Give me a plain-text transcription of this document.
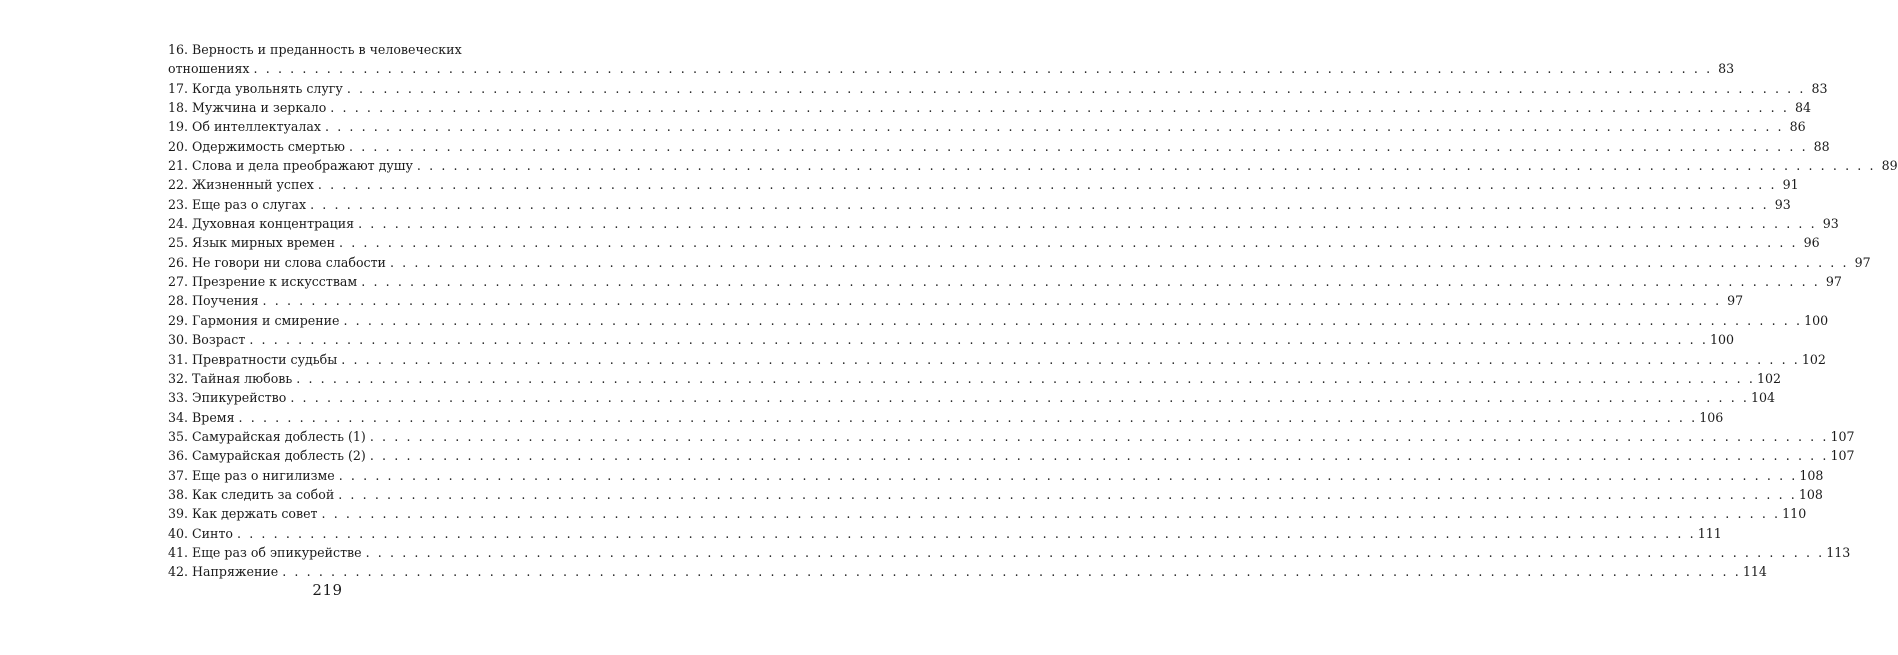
16. Верность и преданность в человеческих
отношениях . . . . . . . . . . . . . . . . . . . . . . . . . . . . . . . . . . . . . . . . . . . . . . . . . . . . . . . . . . . . . . . . . . . . . . . . . . . . . . . . . . . . . . . . . . . . . . . . . . . . . . . . . . . . . . . . . . . . . . . . 83
17. Когда увольнять слугу . . . . . . . . . . . . . . . . . . . . . . . . . . . . . . . . . . . . . . . . . . . . . . . . . . . . . . . . . . . . . . . . . . . . . . . . . . . . . . . . . . . . . . . . . . . . . . . . . . . . . . . . . . . . . . . . . . . . . . . . 83
18. Мужчина и зеркало . . . . . . . . . . . . . . . . . . . . . . . . . . . . . . . . . . . . . . . . . . . . . . . . . . . . . . . . . . . . . . . . . . . . . . . . . . . . . . . . . . . . . . . . . . . . . . . . . . . . . . . . . . . . . . . . . . . . . . . . 84
19. Об интеллектуалах . . . . . . . . . . . . . . . . . . . . . . . . . . . . . . . . . . . . . . . . . . . . . . . . . . . . . . . . . . . . . . . . . . . . . . . . . . . . . . . . . . . . . . . . . . . . . . . . . . . . . . . . . . . . . . . . . . . . . . . . 86
20. Одержимость смертью . . . . . . . . . . . . . . . . . . . . . . . . . . . . . . . . . . . . . . . . . . . . . . . . . . . . . . . . . . . . . . . . . . . . . . . . . . . . . . . . . . . . . . . . . . . . . . . . . . . . . . . . . . . . . . . . . . . . . . . . 88
21. Слова и дела преображают душу . . . . . . . . . . . . . . . . . . . . . . . . . . . . . . . . . . . . . . . . . . . . . . . . . . . . . . . . . . . . . . . . . . . . . . . . . . . . . . . . . . . . . . . . . . . . . . . . . . . . . . . . . . . . . . . . . . . . . . . . 89
22. Жизненный успех . . . . . . . . . . . . . . . . . . . . . . . . . . . . . . . . . . . . . . . . . . . . . . . . . . . . . . . . . . . . . . . . . . . . . . . . . . . . . . . . . . . . . . . . . . . . . . . . . . . . . . . . . . . . . . . . . . . . . . . . 91
23. Еще раз о слугах . . . . . . . . . . . . . . . . . . . . . . . . . . . . . . . . . . . . . . . . . . . . . . . . . . . . . . . . . . . . . . . . . . . . . . . . . . . . . . . . . . . . . . . . . . . . . . . . . . . . . . . . . . . . . . . . . . . . . . . . 93
24. Духовная концентрация . . . . . . . . . . . . . . . . . . . . . . . . . . . . . . . . . . . . . . . . . . . . . . . . . . . . . . . . . . . . . . . . . . . . . . . . . . . . . . . . . . . . . . . . . . . . . . . . . . . . . . . . . . . . . . . . . . . . . . . . 93
25. Язык мирных времен . . . . . . . . . . . . . . . . . . . . . . . . . . . . . . . . . . . . . . . . . . . . . . . . . . . . . . . . . . . . . . . . . . . . . . . . . . . . . . . . . . . . . . . . . . . . . . . . . . . . . . . . . . . . . . . . . . . . . . . . 96
26. Не говори ни слова слабости . . . . . . . . . . . . . . . . . . . . . . . . . . . . . . . . . . . . . . . . . . . . . . . . . . . . . . . . . . . . . . . . . . . . . . . . . . . . . . . . . . . . . . . . . . . . . . . . . . . . . . . . . . . . . . . . . . . . . . . . 97
27. Презрение к искусствам . . . . . . . . . . . . . . . . . . . . . . . . . . . . . . . . . . . . . . . . . . . . . . . . . . . . . . . . . . . . . . . . . . . . . . . . . . . . . . . . . . . . . . . . . . . . . . . . . . . . . . . . . . . . . . . . . . . . . . . . 97
28. Поучения . . . . . . . . . . . . . . . . . . . . . . . . . . . . . . . . . . . . . . . . . . . . . . . . . . . . . . . . . . . . . . . . . . . . . . . . . . . . . . . . . . . . . . . . . . . . . . . . . . . . . . . . . . . . . . . . . . . . . . . . 97
29. Гармония и смирение . . . . . . . . . . . . . . . . . . . . . . . . . . . . . . . . . . . . . . . . . . . . . . . . . . . . . . . . . . . . . . . . . . . . . . . . . . . . . . . . . . . . . . . . . . . . . . . . . . . . . . . . . . . . . . . . . . . . . . . . 100
30. Возраст . . . . . . . . . . . . . . . . . . . . . . . . . . . . . . . . . . . . . . . . . . . . . . . . . . . . . . . . . . . . . . . . . . . . . . . . . . . . . . . . . . . . . . . . . . . . . . . . . . . . . . . . . . . . . . . . . . . . . . . . 100
31. Превратности судьбы . . . . . . . . . . . . . . . . . . . . . . . . . . . . . . . . . . . . . . . . . . . . . . . . . . . . . . . . . . . . . . . . . . . . . . . . . . . . . . . . . . . . . . . . . . . . . . . . . . . . . . . . . . . . . . . . . . . . . . . . 102
32. Тайная любовь . . . . . . . . . . . . . . . . . . . . . . . . . . . . . . . . . . . . . . . . . . . . . . . . . . . . . . . . . . . . . . . . . . . . . . . . . . . . . . . . . . . . . . . . . . . . . . . . . . . . . . . . . . . . . . . . . . . . . . . . 102
33. Эпикурейство . . . . . . . . . . . . . . . . . . . . . . . . . . . . . . . . . . . . . . . . . . . . . . . . . . . . . . . . . . . . . . . . . . . . . . . . . . . . . . . . . . . . . . . . . . . . . . . . . . . . . . . . . . . . . . . . . . . . . . . . 104
34. Время . . . . . . . . . . . . . . . . . . . . . . . . . . . . . . . . . . . . . . . . . . . . . . . . . . . . . . . . . . . . . . . . . . . . . . . . . . . . . . . . . . . . . . . . . . . . . . . . . . . . . . . . . . . . . . . . . . . . . . . . 106
35. Самурайская доблесть (1) . . . . . . . . . . . . . . . . . . . . . . . . . . . . . . . . . . . . . . . . . . . . . . . . . . . . . . . . . . . . . . . . . . . . . . . . . . . . . . . . . . . . . . . . . . . . . . . . . . . . . . . . . . . . . . . . . . . . . . . . 107
36. Самурайская доблесть (2) . . . . . . . . . . . . . . . . . . . . . . . . . . . . . . . . . . . . . . . . . . . . . . . . . . . . . . . . . . . . . . . . . . . . . . . . . . . . . . . . . . . . . . . . . . . . . . . . . . . . . . . . . . . . . . . . . . . . . . . . 107
37. Еще раз о нигилизме . . . . . . . . . . . . . . . . . . . . . . . . . . . . . . . . . . . . . . . . . . . . . . . . . . . . . . . . . . . . . . . . . . . . . . . . . . . . . . . . . . . . . . . . . . . . . . . . . . . . . . . . . . . . . . . . . . . . . . . . 108
38. Как следить за собой . . . . . . . . . . . . . . . . . . . . . . . . . . . . . . . . . . . . . . . . . . . . . . . . . . . . . . . . . . . . . . . . . . . . . . . . . . . . . . . . . . . . . . . . . . . . . . . . . . . . . . . . . . . . . . . . . . . . . . . . 108
39. Как держать совет . . . . . . . . . . . . . . . . . . . . . . . . . . . . . . . . . . . . . . . . . . . . . . . . . . . . . . . . . . . . . . . . . . . . . . . . . . . . . . . . . . . . . . . . . . . . . . . . . . . . . . . . . . . . . . . . . . . . . . . . 110
40. Синто . . . . . . . . . . . . . . . . . . . . . . . . . . . . . . . . . . . . . . . . . . . . . . . . . . . . . . . . . . . . . . . . . . . . . . . . . . . . . . . . . . . . . . . . . . . . . . . . . . . . . . . . . . . . . . . . . . . . . . . . 111
41. Еще раз об эпикурействе . . . . . . . . . . . . . . . . . . . . . . . . . . . . . . . . . . . . . . . . . . . . . . . . . . . . . . . . . . . . . . . . . . . . . . . . . . . . . . . . . . . . . . . . . . . . . . . . . . . . . . . . . . . . . . . . . . . . . . . . 113
42. Напряжение . . . . . . . . . . . . . . . . . . . . . . . . . . . . . . . . . . . . . . . . . . . . . . . . . . . . . . . . . . . . . . . . . . . . . . . . . . . . . . . . . . . . . . . . . . . . . . . . . . . . . . . . . . . . . . . . . . . . . . . . 114
219
